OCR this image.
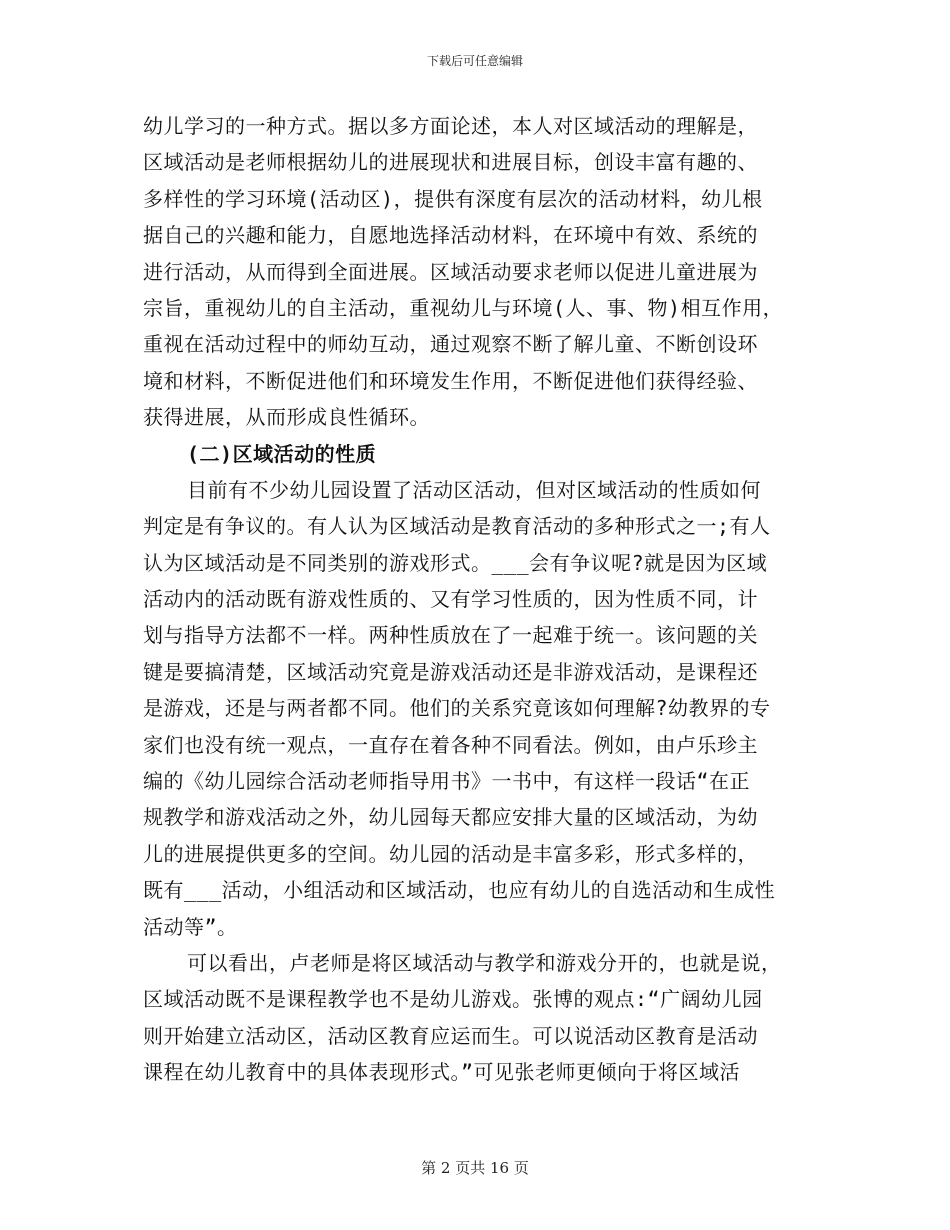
下载后可任意编辑
幼儿学习的一种方式。据以多方面论述，本人对区域活动的理解是，
区域活动是老师根据幼儿的进展现状和进展目标，创设丰富有趣的、
多样性的学习环境(活动区)，提供有深度有层次的活动材料，幼儿根
据自己的兴趣和能力，自愿地选择活动材料，在环境中有效、系统的
进行活动，从而得到全面进展。区域活动要求老师以促进儿童进展为
宗旨，重视幼儿的自主活动，重视幼儿与环境(人、事、物)相互作用，
重视在活动过程中的师幼互动，通过观察不断了解儿童、不断创设环
境和材料，不断促进他们和环境发生作用，不断促进他们获得经验、
获得进展，从而形成良性循环。
(二)区域活动的性质
目前有不少幼儿园设置了活动区活动，但对区域活动的性质如何
判定是有争议的。有人认为区域活动是教育活动的多种形式之一;有人
认为区域活动是不同类别的游戏形式。___会有争议呢?就是因为区域
活动内的活动既有游戏性质的、又有学习性质的，因为性质不同，计
划与指导方法都不一样。两种性质放在了一起难于统一。该问题的关
键是要搞清楚，区域活动究竟是游戏活动还是非游戏活动，是课程还
是游戏，还是与两者都不同。他们的关系究竟该如何理解?幼教界的专
家们也没有统一观点，一直存在着各种不同看法。例如，由卢乐珍主
编的《幼儿园综合活动老师指导用书》一书中，有这样一段话“在正
规教学和游戏活动之外，幼儿园每天都应安排大量的区域活动，为幼
儿的进展提供更多的空间。幼儿园的活动是丰富多彩，形式多样的，
既有___活动，小组活动和区域活动，也应有幼儿的自选活动和生成性
活动等”。
可以看出，卢老师是将区域活动与教学和游戏分开的，也就是说，
区域活动既不是课程教学也不是幼儿游戏。张博的观点:“广阔幼儿园
则开始建立活动区，活动区教育应运而生。可以说活动区教育是活动
课程在幼儿教育中的具体表现形式。”可见张老师更倾向于将区域活
第 2 页共 16 页
